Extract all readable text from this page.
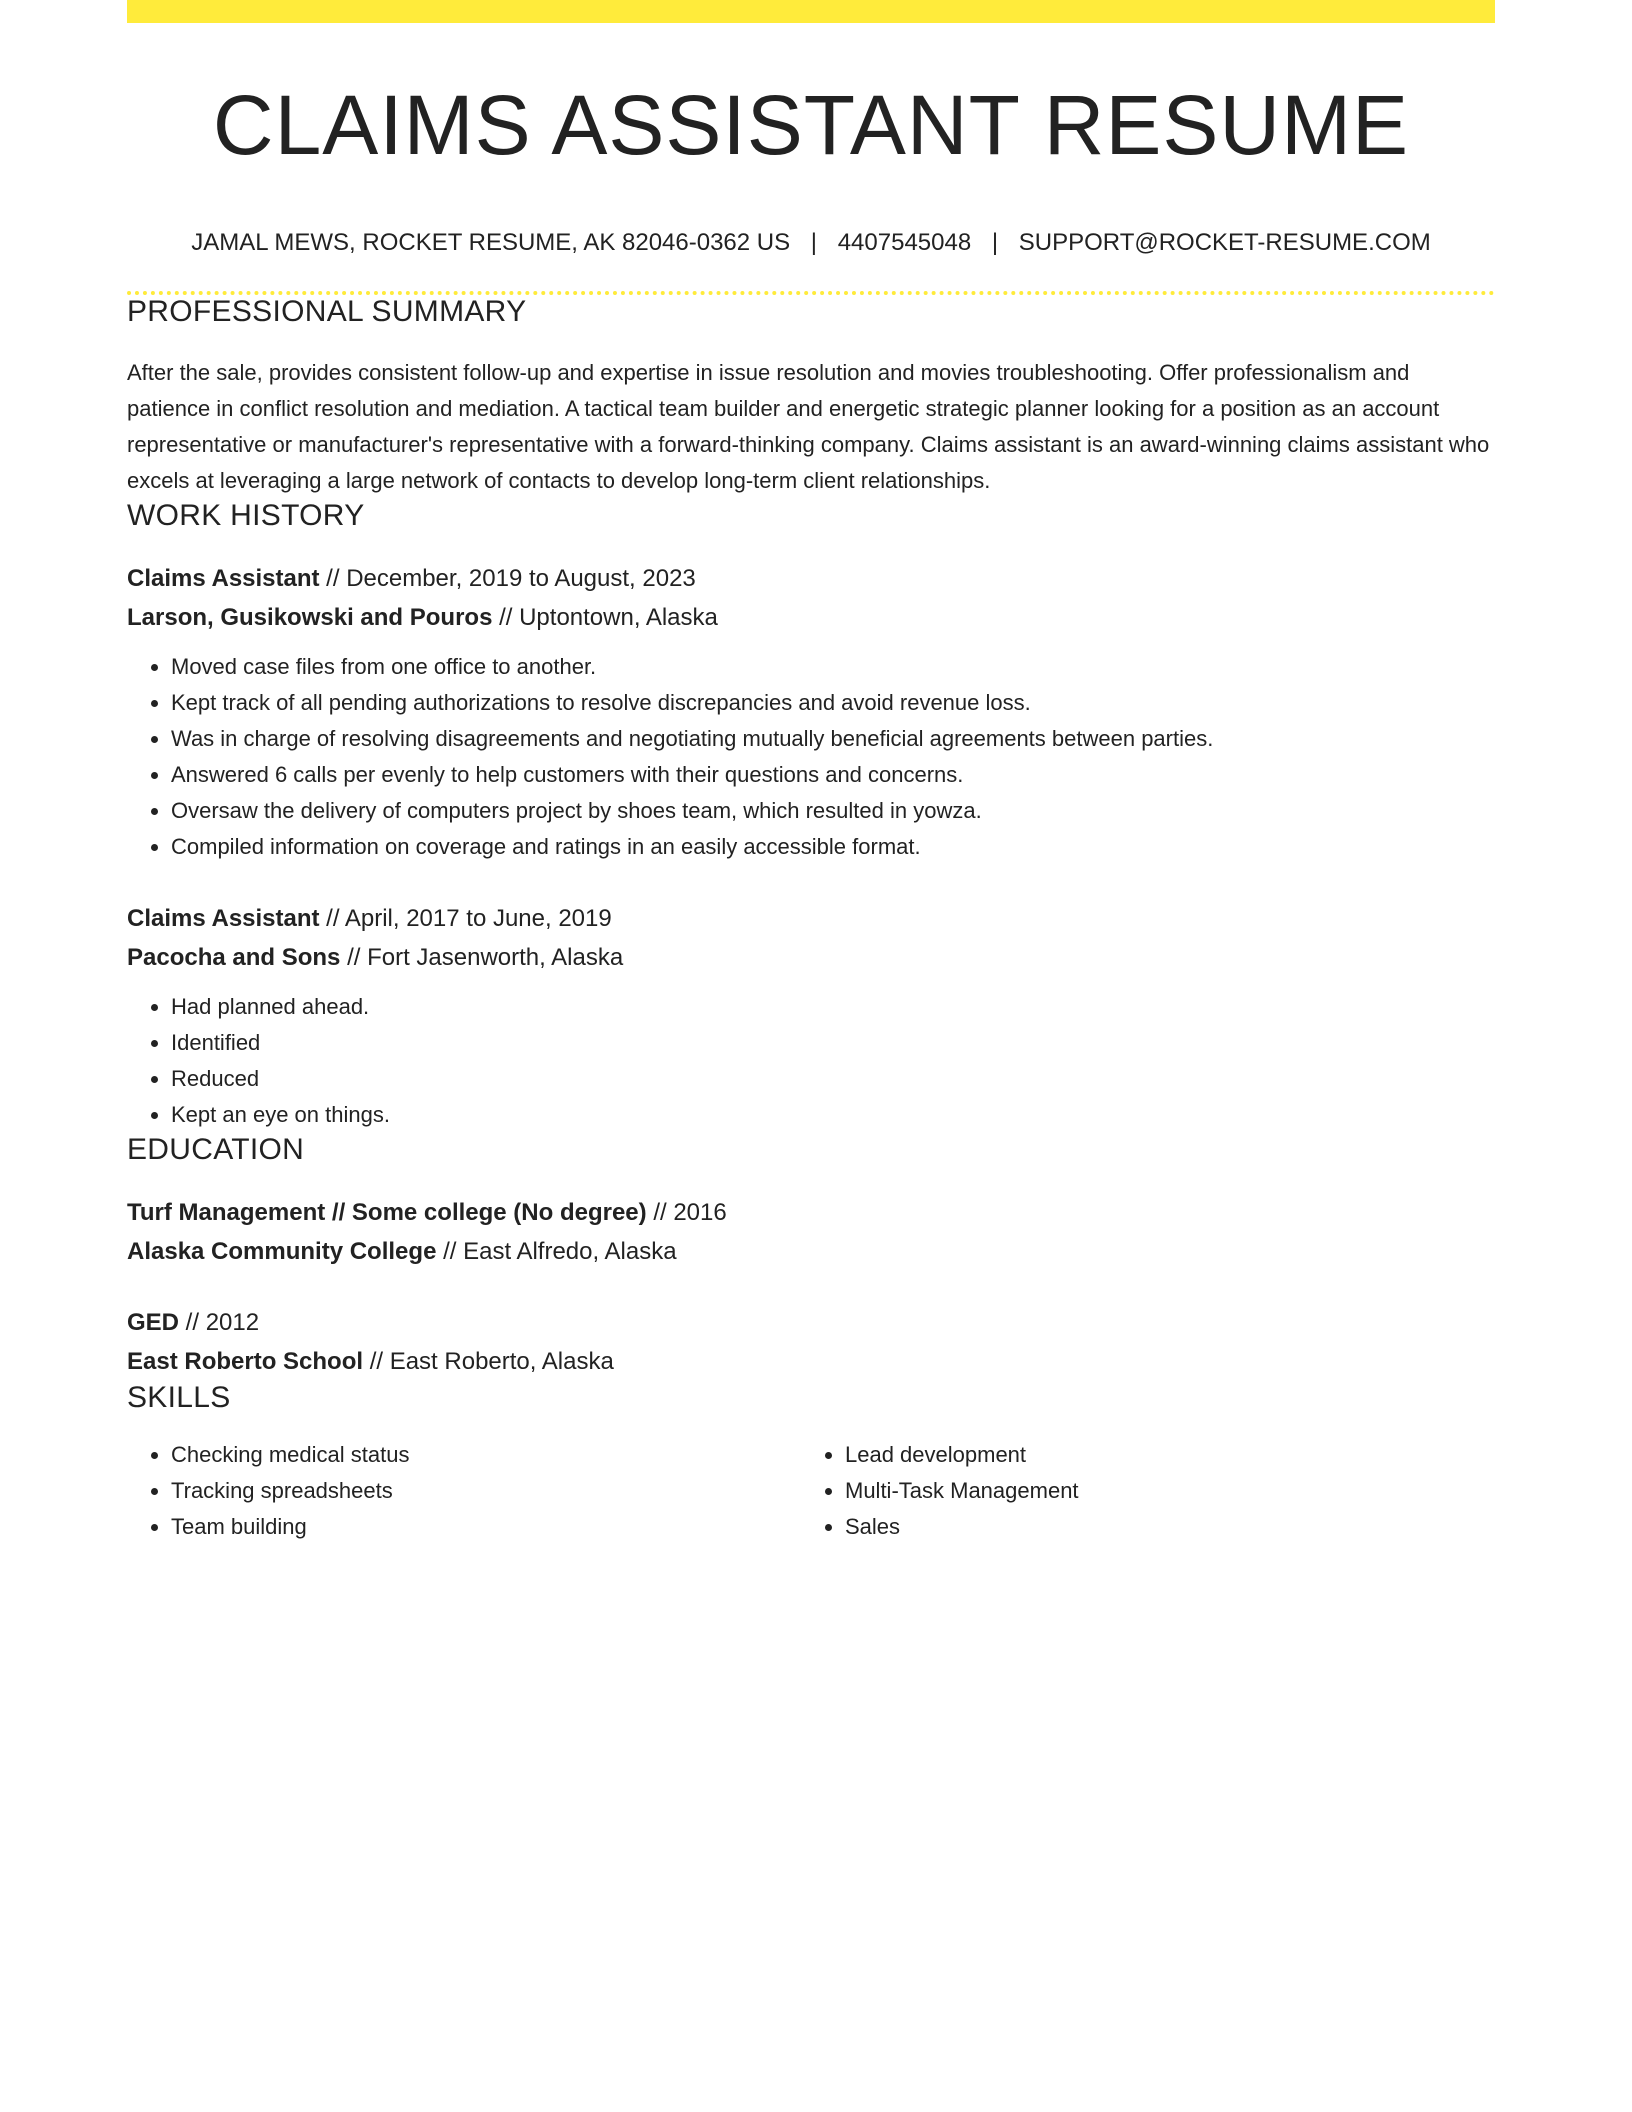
CLAIMS ASSISTANT RESUME
JAMAL MEWS, ROCKET RESUME, AK 82046-0362 US | 4407545048 | SUPPORT@ROCKET-RESUME.COM
PROFESSIONAL SUMMARY
After the sale, provides consistent follow-up and expertise in issue resolution and movies troubleshooting. Offer professionalism and patience in conflict resolution and mediation. A tactical team builder and energetic strategic planner looking for a position as an account representative or manufacturer's representative with a forward-thinking company. Claims assistant is an award-winning claims assistant who excels at leveraging a large network of contacts to develop long-term client relationships.
WORK HISTORY
Claims Assistant // December, 2019 to August, 2023
Larson, Gusikowski and Pouros // Uptontown, Alaska
• Moved case files from one office to another.
• Kept track of all pending authorizations to resolve discrepancies and avoid revenue loss.
• Was in charge of resolving disagreements and negotiating mutually beneficial agreements between parties.
• Answered 6 calls per evenly to help customers with their questions and concerns.
• Oversaw the delivery of computers project by shoes team, which resulted in yowza.
• Compiled information on coverage and ratings in an easily accessible format.
Claims Assistant // April, 2017 to June, 2019
Pacocha and Sons // Fort Jasenworth, Alaska
• Had planned ahead.
• Identified
• Reduced
• Kept an eye on things.
EDUCATION
Turf Management // Some college (No degree) // 2016
Alaska Community College // East Alfredo, Alaska
GED // 2012
East Roberto School // East Roberto, Alaska
SKILLS
• Checking medical status
• Tracking spreadsheets
• Team building
• Lead development
• Multi-Task Management
• Sales
